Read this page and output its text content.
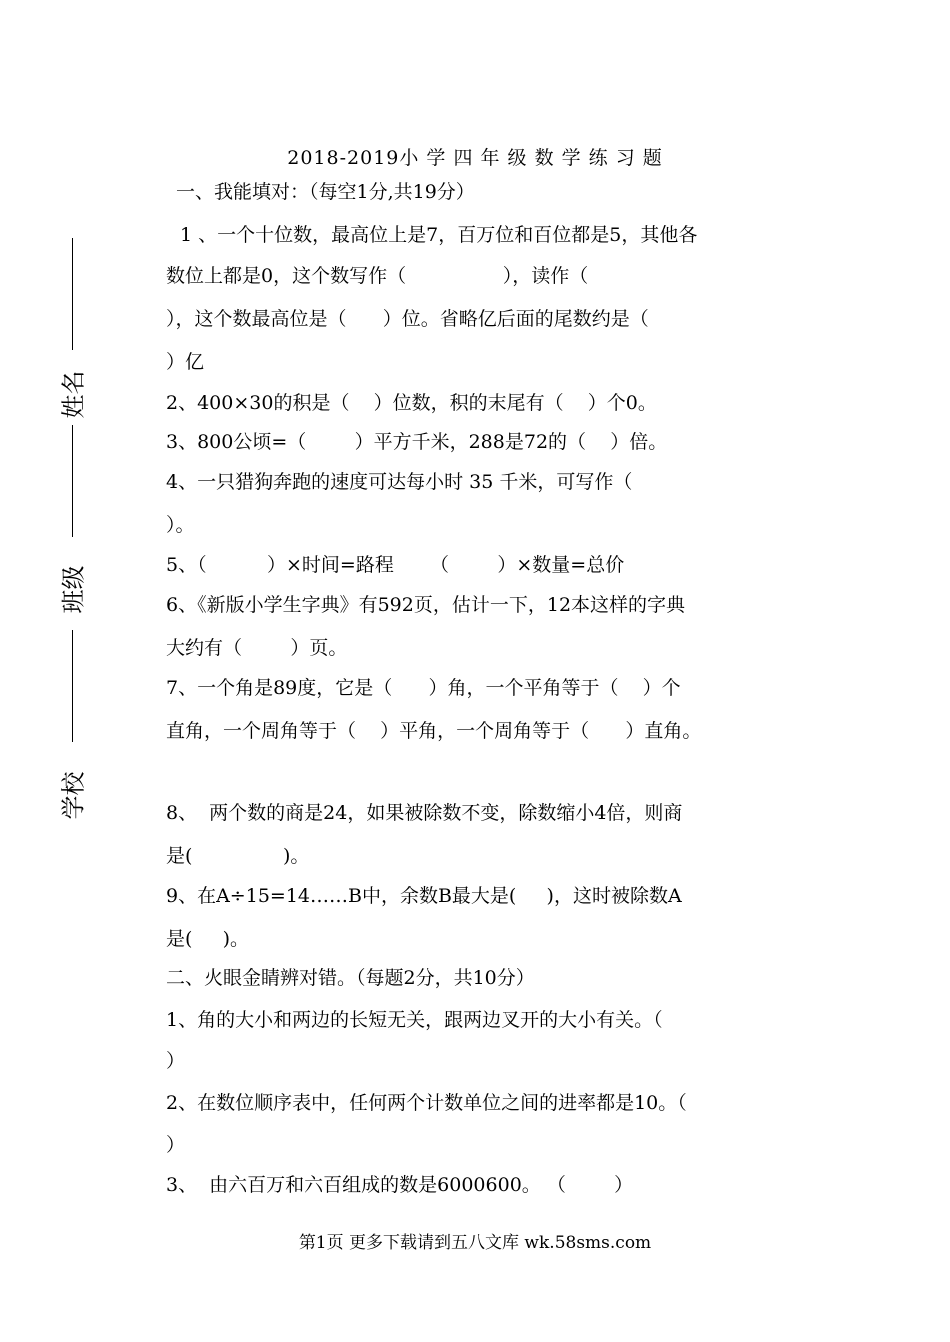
2018-2019小 学 四 年 级 数 学 练 习 题
姓名
班级
学校
一、我能填对：（每空1分,共19分）
1 、一个十位数，最高位上是7，百万位和百位都是5，其他各
数位上都是0，这个数写作（                ），读作（
），这个数最高位是（      ）位。省略亿后面的尾数约是（
）亿
2、400×30的积是（    ）位数，积的末尾有（    ）个0。
3、800公顷=（        ）平方千米，288是72的（    ）倍。
4、一只猎狗奔跑的速度可达每小时 35 千米，可写作（
）。
5、（          ）×时间=路程      （        ）×数量=总价
6、《新版小学生字典》有592页，估计一下，12本这样的字典
大约有（        ）页。
7、一个角是89度，它是（      ）角，一个平角等于（    ）个
直角，一个周角等于（    ）平角，一个周角等于（      ）直角。
8、  两个数的商是24，如果被除数不变，除数缩小4倍，则商
是(               )。
9、在A÷15=14……B中，余数B最大是(     )，这时被除数A
是(     )。
二、火眼金睛辨对错。（每题2分，共10分）
1、角的大小和两边的长短无关，跟两边叉开的大小有关。（
）
2、在数位顺序表中，任何两个计数单位之间的进率都是10。（
）
3、  由六百万和六百组成的数是6000600。 （        ）
第1页 更多下载请到五八文库 wk.58sms.com
